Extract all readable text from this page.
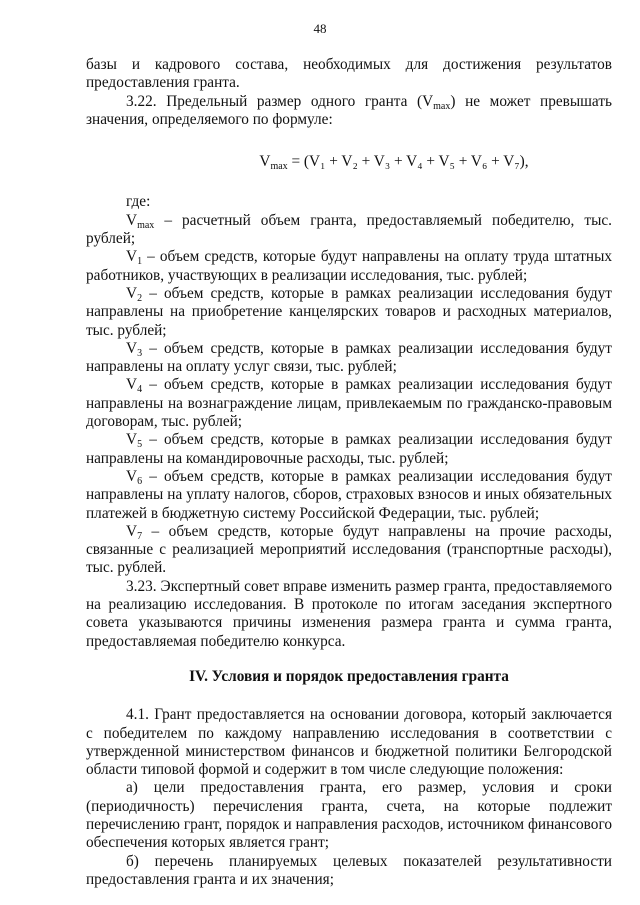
48

базы и кадрового состава, необходимых для достижения результатов предоставления гранта.

3.22. Предельный размер одного гранта $(V_{max})$ не может превышать значения, определяемого по формуле:

$V_{max} = (V_1 + V_2 + V_3 + V_4 + V_5 + V_6 + V_7)$,

где:

$V_{max}$ – расчетный объем гранта, предоставляемый победителю, тыс. рублей;

$V_1$ – объем средств, которые будут направлены на оплату труда штатных работников, участвующих в реализации исследования, тыс. рублей;

$V_2$ – объем средств, которые в рамках реализации исследования будут направлены на приобретение канцелярских товаров и расходных материалов, тыс. рублей;

$V_3$ – объем средств, которые в рамках реализации исследования будут направлены на оплату услуг связи, тыс. рублей;

$V_4$ – объем средств, которые в рамках реализации исследования будут направлены на вознаграждение лицам, привлекаемым по гражданско-правовым договорам, тыс. рублей;

$V_5$ – объем средств, которые в рамках реализации исследования будут направлены на командировочные расходы, тыс. рублей;

$V_6$ – объем средств, которые в рамках реализации исследования будут направлены на уплату налогов, сборов, страховых взносов и иных обязательных платежей в бюджетную систему Российской Федерации, тыс. рублей;

$V_7$ – объем средств, которые будут направлены на прочие расходы, связанные с реализацией мероприятий исследования (транспортные расходы), тыс. рублей.

3.23. Экспертный совет вправе изменить размер гранта, предоставляемого на реализацию исследования. В протоколе по итогам заседания экспертного совета указываются причины изменения размера гранта и сумма гранта, предоставляемая победителю конкурса.

IV. Условия и порядок предоставления гранта

4.1. Грант предоставляется на основании договора, который заключается с победителем по каждому направлению исследования в соответствии с утвержденной министерством финансов и бюджетной политики Белгородской области типовой формой и содержит в том числе следующие положения:

а) цели предоставления гранта, его размер, условия и сроки (периодичность) перечисления гранта, счета, на которые подлежит перечислению грант, порядок и направления расходов, источником финансового обеспечения которых является грант;

б) перечень планируемых целевых показателей результативности предоставления гранта и их значения;
